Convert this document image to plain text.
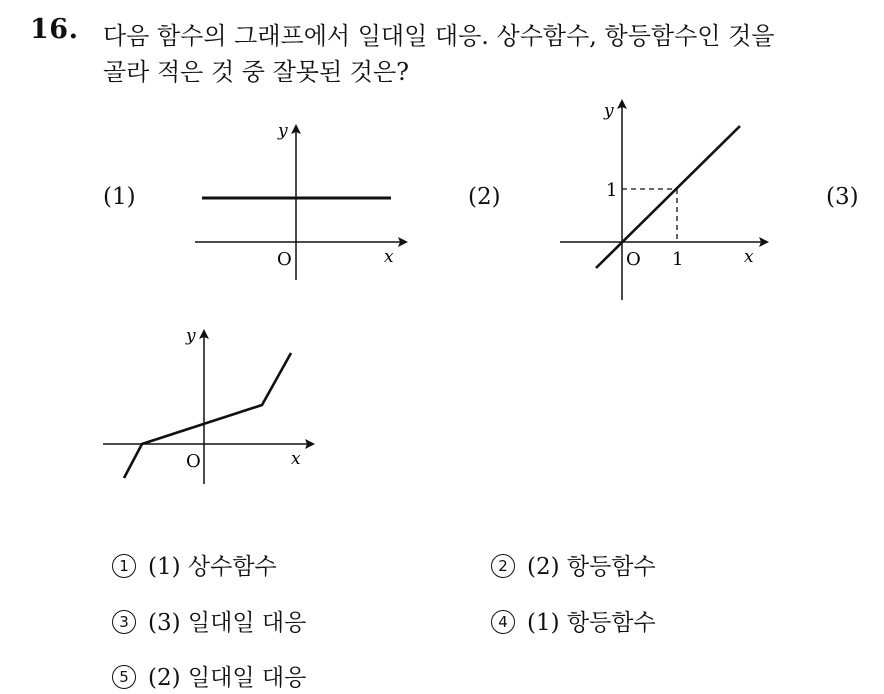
16. 다음 함수의 그래프에서 일대일 대응. 상수함수, 항등함수인 것을
골라 적은 것 중 잘못된 것은?
(1)	(2)	(3)
y
x
O
y
x
O 1
1
y
x
O
1 (1) 상수함수	2 (2) 항등함수
3 (3) 일대일 대응	4 (1) 항등함수
5 (2) 일대일 대응
